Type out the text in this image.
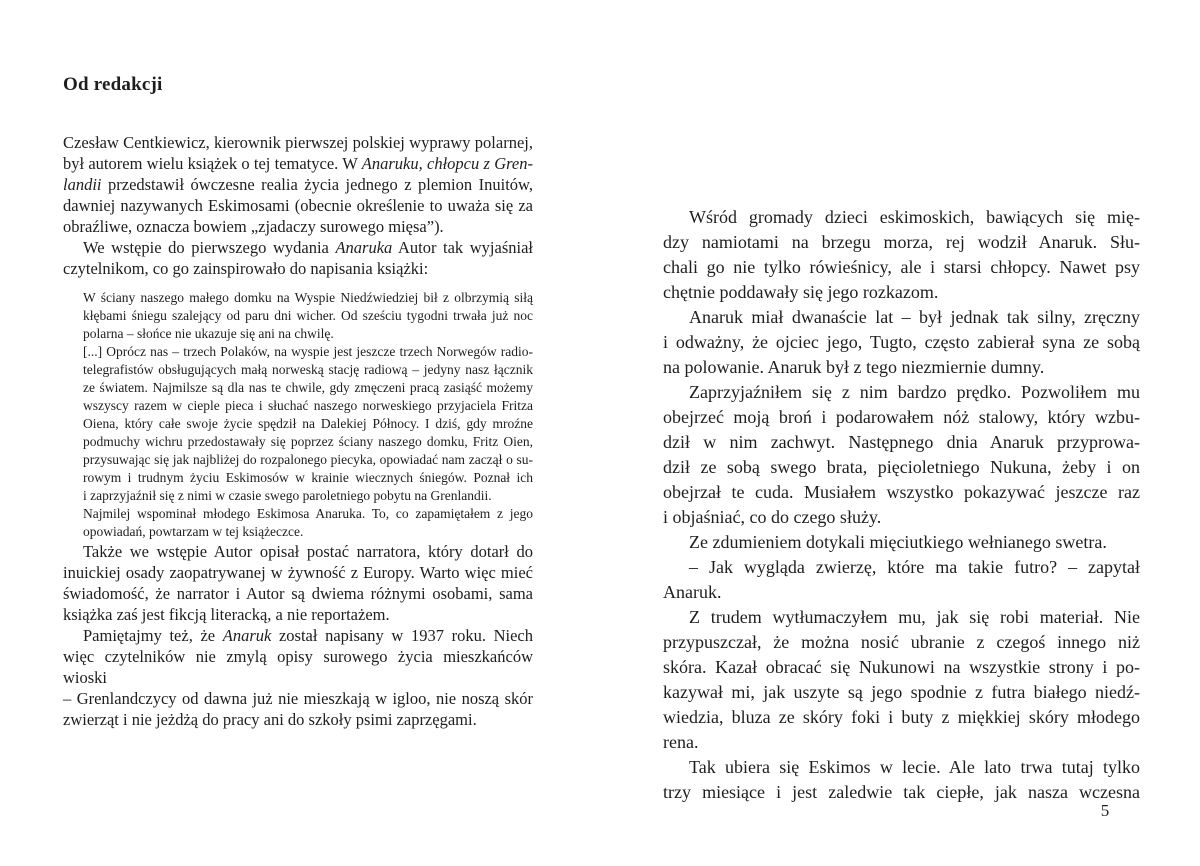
Od redakcji
Czesław Centkiewicz, kierownik pierwszej polskiej wyprawy polarnej,
był autorem wielu książek o tej tematyce. W Anaruku, chłopcu z Gren-
landii przedstawił ówczesne realia życia jednego z plemion Inuitów,
dawniej nazywanych Eskimosami (obecnie określenie to uważa się za
obraźliwe, oznacza bowiem „zjadaczy surowego mięsa”).
We wstępie do pierwszego wydania Anaruka Autor tak wyjaśniał
czytelnikom, co go zainspirowało do napisania książki:
W ściany naszego małego domku na Wyspie Niedźwiedziej bił z olbrzymią siłą
kłębami śniegu szalejący od paru dni wicher. Od sześciu tygodni trwała już noc
polarna – słońce nie ukazuje się ani na chwilę.
[...] Oprócz nas – trzech Polaków, na wyspie jest jeszcze trzech Norwegów radio-
telegrafistów obsługujących małą norweską stację radiową – jedyny nasz łącznik
ze światem. Najmilsze są dla nas te chwile, gdy zmęczeni pracą zasiąść możemy
wszyscy razem w cieple pieca i słuchać naszego norweskiego przyjaciela Fritza
Oiena, który całe swoje życie spędził na Dalekiej Północy. I dziś, gdy mroźne
podmuchy wichru przedostawały się poprzez ściany naszego domku, Fritz Oien,
przysuwając się jak najbliżej do rozpalonego piecyka, opowiadać nam zaczął o su-
rowym i trudnym życiu Eskimosów w krainie wiecznych śniegów. Poznał ich
i zaprzyjaźnił się z nimi w czasie swego paroletniego pobytu na Grenlandii.
Najmilej wspominał młodego Eskimosa Anaruka. To, co zapamiętałem z jego
opowiadań, powtarzam w tej książeczce.
Także we wstępie Autor opisał postać narratora, który dotarł do
inuickiej osady zaopatrywanej w żywność z Europy. Warto więc mieć
świadomość, że narrator i Autor są dwiema różnymi osobami, sama
książka zaś jest fikcją literacką, a nie reportażem.
Pamiętajmy też, że Anaruk został napisany w 1937 roku. Niech
więc czytelników nie zmylą opisy surowego życia mieszkańców wioski
– Grenlandczycy od dawna już nie mieszkają w igloo, nie noszą skór
zwierząt i nie jeżdżą do pracy ani do szkoły psimi zaprzęgami.
Wśród gromady dzieci eskimoskich, bawiących się mię-
dzy namiotami na brzegu morza, rej wodził Anaruk. Słu-
chali go nie tylko rówieśnicy, ale i starsi chłopcy. Nawet psy
chętnie poddawały się jego rozkazom.
Anaruk miał dwanaście lat – był jednak tak silny, zręczny
i odważny, że ojciec jego, Tugto, często zabierał syna ze sobą
na polowanie. Anaruk był z tego niezmiernie dumny.
Zaprzyjaźniłem się z nim bardzo prędko. Pozwoliłem mu
obejrzeć moją broń i podarowałem nóż stalowy, który wzbu-
dził w nim zachwyt. Następnego dnia Anaruk przyprowa-
dził ze sobą swego brata, pięcioletniego Nukuna, żeby i on
obejrzał te cuda. Musiałem wszystko pokazywać jeszcze raz
i objaśniać, co do czego służy.
Ze zdumieniem dotykali mięciutkiego wełnianego swetra.
– Jak wygląda zwierzę, które ma takie futro? – zapytał
Anaruk.
Z trudem wytłumaczyłem mu, jak się robi materiał. Nie
przypuszczał, że można nosić ubranie z czegoś innego niż
skóra. Kazał obracać się Nukunowi na wszystkie strony i po-
kazywał mi, jak uszyte są jego spodnie z futra białego niedź-
wiedzia, bluza ze skóry foki i buty z miękkiej skóry młodego
rena.
Tak ubiera się Eskimos w lecie. Ale lato trwa tutaj tylko
trzy miesiące i jest zaledwie tak ciepłe, jak nasza wczesna
5
